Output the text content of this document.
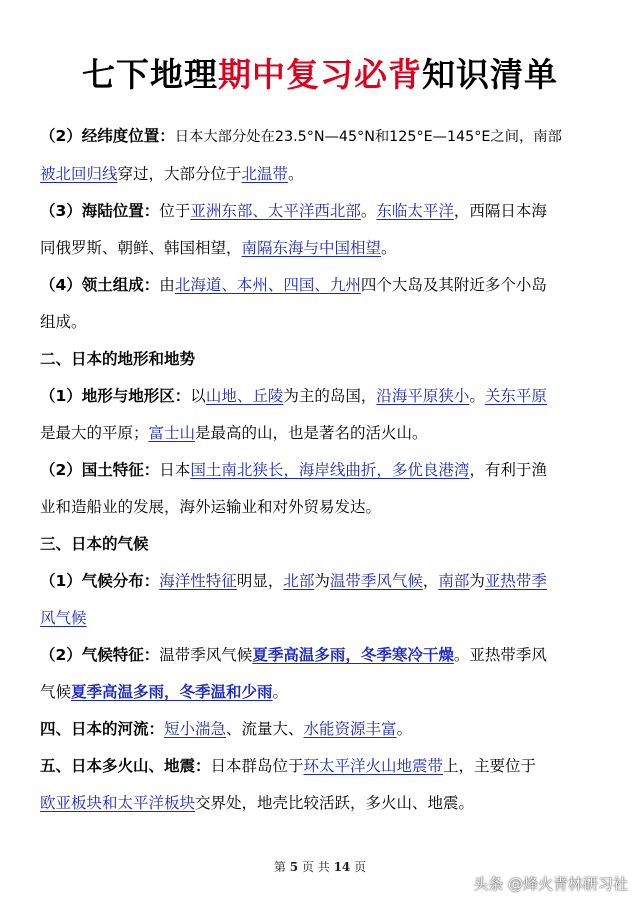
七下地理期中复习必背知识清单
（2）经纬度位置：日本大部分处在23.5°N—45°N和125°E—145°E之间，南部
被北回归线穿过，大部分位于北温带。
（3）海陆位置：位于亚洲东部、太平洋西北部。东临太平洋，西隔日本海
同俄罗斯、朝鲜、韩国相望，南隔东海与中国相望。
（4）领土组成：由北海道、本州、四国、九州四个大岛及其附近多个小岛
组成。
二、日本的地形和地势
（1）地形与地形区：以山地、丘陵为主的岛国，沿海平原狭小。关东平原
是最大的平原；富士山是最高的山，也是著名的活火山。
（2）国土特征：日本国土南北狭长，海岸线曲折，多优良港湾，有利于渔
业和造船业的发展，海外运输业和对外贸易发达。
三、日本的气候
（1）气候分布：海洋性特征明显，北部为温带季风气候，南部为亚热带季
风气候
（2）气候特征：温带季风气候夏季高温多雨，冬季寒冷干燥。亚热带季风
气候夏季高温多雨，冬季温和少雨。
四、日本的河流：短小湍急、流量大、水能资源丰富。
五、日本多火山、地震：日本群岛位于环太平洋火山地震带上，主要位于
欧亚板块和太平洋板块交界处，地壳比较活跃，多火山、地震。
第 5 页 共 14 页
头条 @烽火青林研习社
